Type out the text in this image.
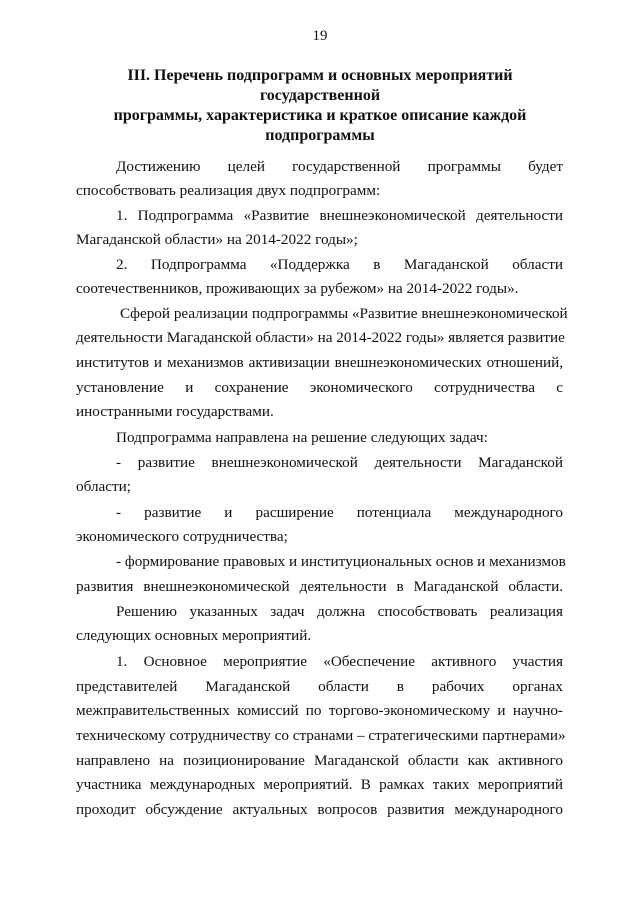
19
III. Перечень подпрограмм и основных мероприятий государственной
программы, характеристика и краткое описание каждой
подпрограммы
Достижению целей государственной программы будет
способствовать реализация двух подпрограмм:
1. Подпрограмма «Развитие внешнеэкономической деятельности
Магаданской области» на 2014-2022 годы»;
2. Подпрограмма «Поддержка в Магаданской области
соотечественников, проживающих за рубежом» на 2014-2022 годы».
Сферой реализации подпрограммы «Развитие внешнеэкономической
деятельности Магаданской области» на 2014-2022 годы» является развитие
институтов и механизмов активизации внешнеэкономических отношений,
установление и сохранение экономического сотрудничества с
иностранными государствами.
Подпрограмма направлена на решение следующих задач:
- развитие внешнеэкономической деятельности Магаданской
области;
- развитие и расширение потенциала международного
экономического сотрудничества;
- формирование правовых и институциональных основ и механизмов
развития внешнеэкономической деятельности в Магаданской области.
Решению указанных задач должна способствовать реализация
следующих основных мероприятий.
1. Основное мероприятие «Обеспечение активного участия
представителей Магаданской области в рабочих органах
межправительственных комиссий по торгово-экономическому и научно-
техническому сотрудничеству со странами – стратегическими партнерами»
направлено на позиционирование Магаданской области как активного
участника международных мероприятий. В рамках таких мероприятий
проходит обсуждение актуальных вопросов развития международного
